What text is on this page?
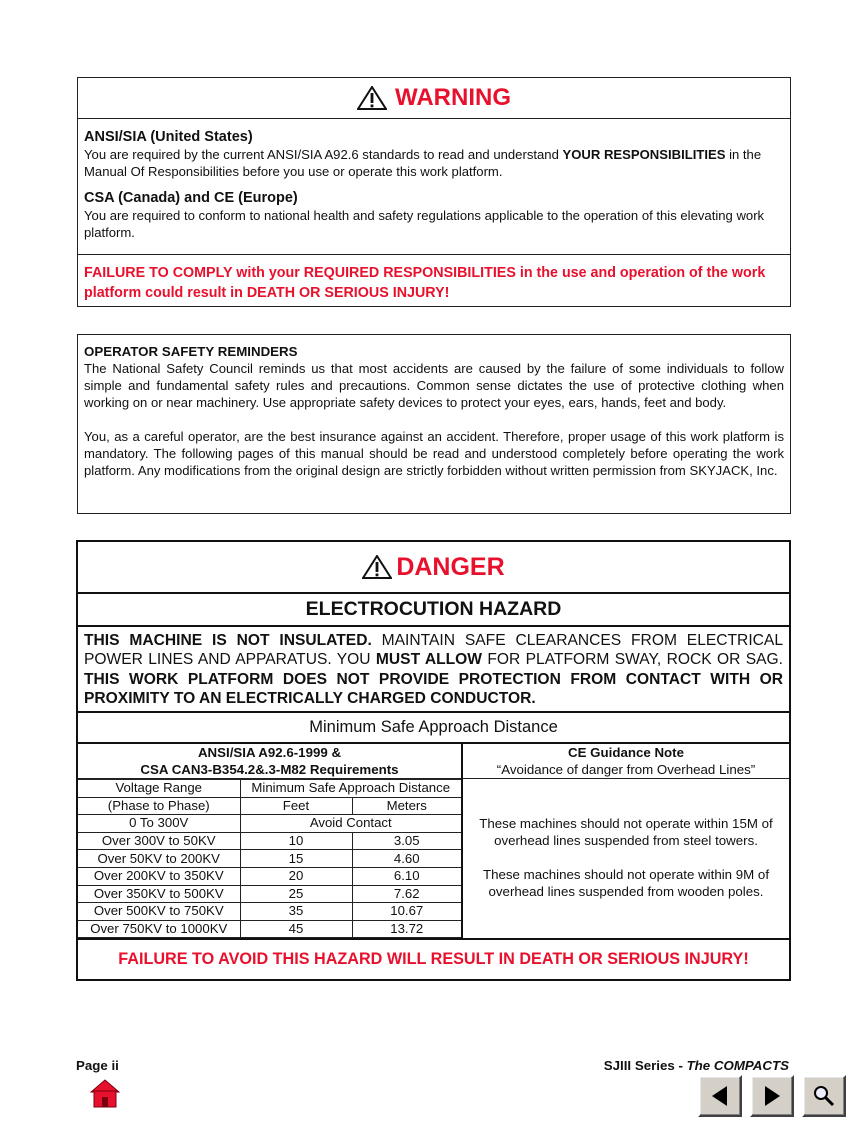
WARNING
ANSI/SIA (United States)

You are required by the current ANSI/SIA A92.6 standards to read and understand YOUR RESPONSIBILITIES in the Manual Of Responsibilities before you use or operate this work platform.

CSA (Canada) and CE (Europe)

You are required to conform to national health and safety regulations applicable to the operation of this elevating work platform.

FAILURE TO COMPLY with your REQUIRED RESPONSIBILITIES in the use and operation of the work platform could result in DEATH OR SERIOUS INJURY!
OPERATOR SAFETY REMINDERS

The National Safety Council reminds us that most accidents are caused by the failure of some individuals to follow simple and fundamental safety rules and precautions. Common sense dictates the use of protective clothing when working on or near machinery. Use appropriate safety devices to protect your eyes, ears, hands, feet and body.

You, as a careful operator, are the best insurance against an accident. Therefore, proper usage of this work platform is mandatory. The following pages of this manual should be read and understood completely before operating the work platform. Any modifications from the original design are strictly forbidden without written permission from SKYJACK, Inc.

DANGER
ELECTROCUTION HAZARD
THIS MACHINE IS NOT INSULATED. MAINTAIN SAFE CLEARANCES FROM ELECTRICAL POWER LINES AND APPARATUS. YOU MUST ALLOW FOR PLATFORM SWAY, ROCK OR SAG. THIS WORK PLATFORM DOES NOT PROVIDE PROTECTION FROM CONTACT WITH OR PROXIMITY TO AN ELECTRICALLY CHARGED CONDUCTOR.
Minimum Safe Approach Distance
ANSI/SIA A92.6-1999 &
CSA CAN3-B354.2&.3-M82 Requirements
Voltage Range	Minimum Safe Approach Distance	
(Phase to Phase)	Feet	Meters
0 To 300V	Avoid Contact	
Over 300V to 50KV	10	3.05
Over 50KV to 200KV	15	4.60
Over 200KV to 350KV	20	6.10
Over 350KV to 500KV	25	7.62
Over 500KV to 750KV	35	10.67
Over 750KV to 1000KV	45	13.72
CE Guidance Note
“Avoidance of danger from Overhead Lines”

These machines should not operate within 15M of overhead lines suspended from steel towers.

These machines should not operate within 9M of overhead lines suspended from wooden poles.

FAILURE TO AVOID THIS HAZARD WILL RESULT IN DEATH OR SERIOUS INJURY!
Page ii	SJIII Series - The COMPACTS
